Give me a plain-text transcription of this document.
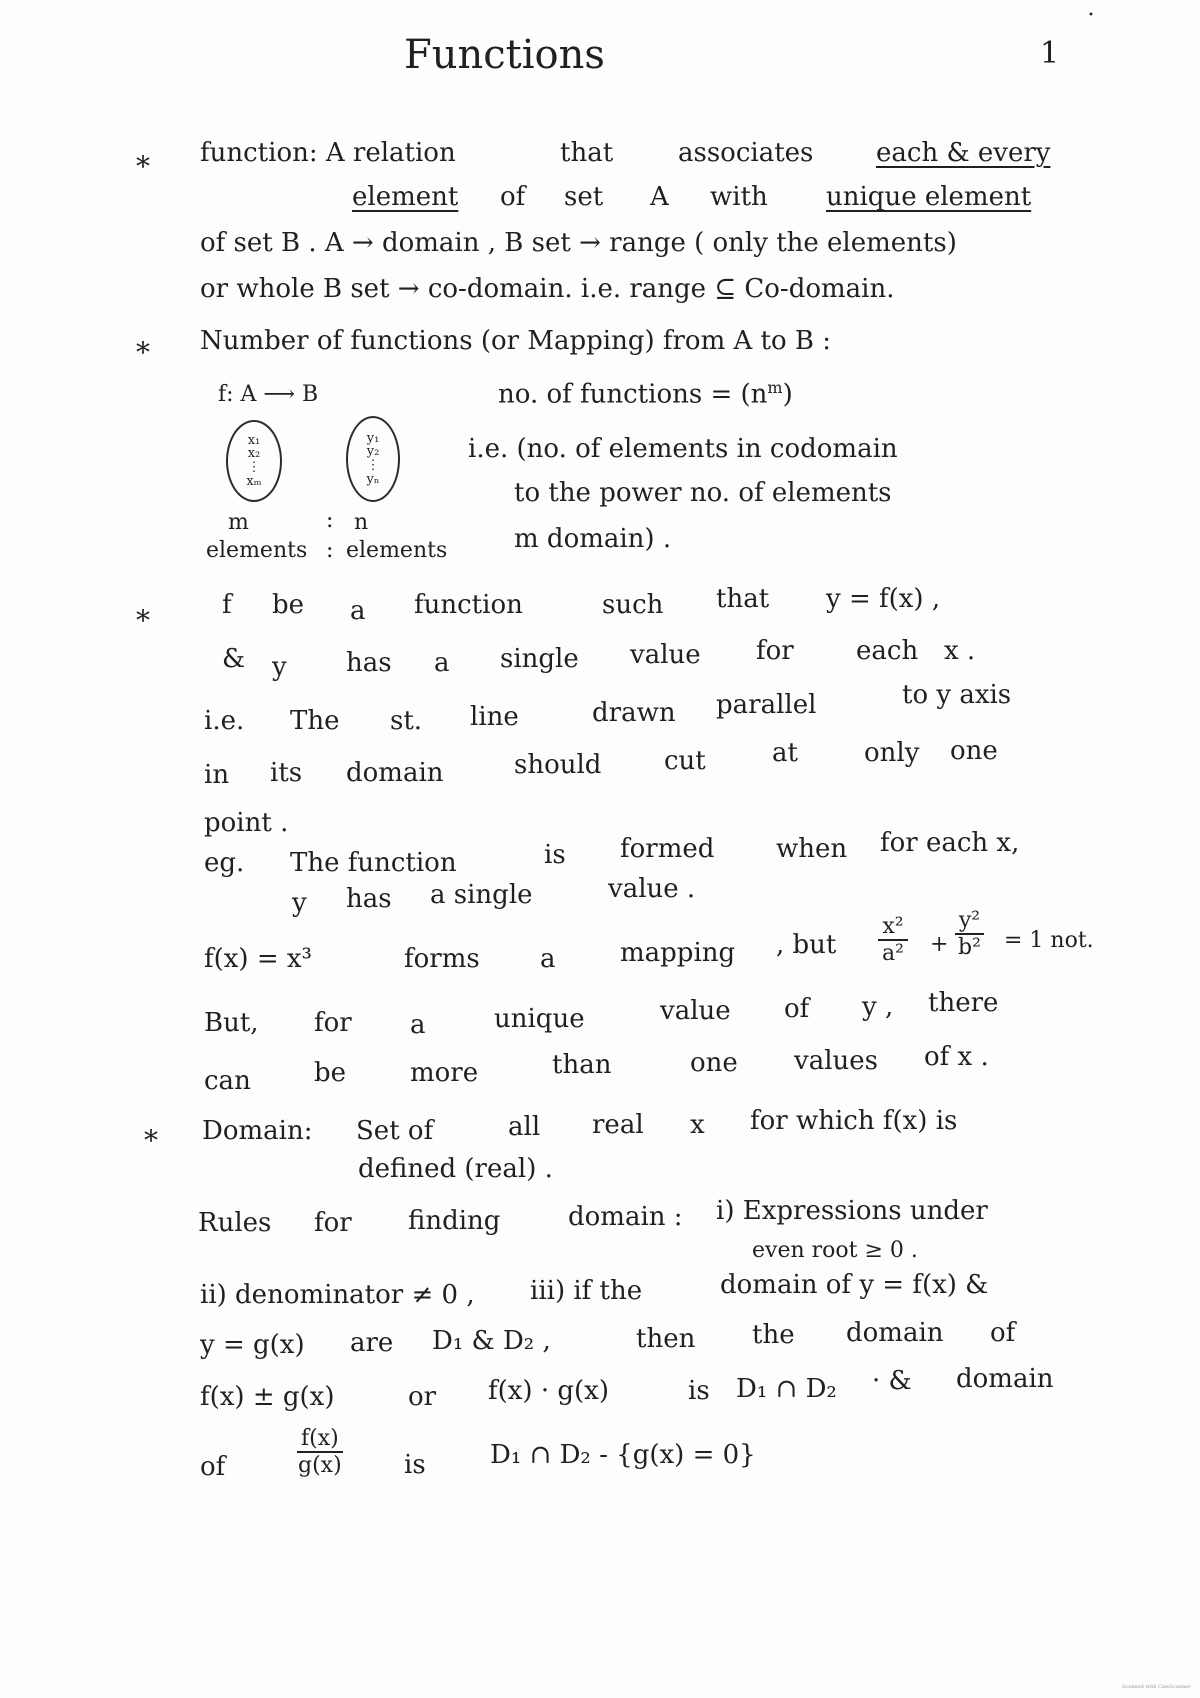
Functions	1
•
* function: A relation	that associates each & every
element of set A with unique element
of set B . A → domain , B set → range ( only the elements)
or whole B set → co-domain. i.e. range ⊆ Co-domain.
* Number of functions (or Mapping) from A to B :
f: A ⟶ B	no. of functions = $(n^m)$
x₁
x₂
⋮
xₘ
y₁
y₂
⋮
yₙ
i.e. (no. of elements in codomain
to the power no. of elements
m domain) .
m	: n
elements : elements
*	f be a function	such that y = f(x) ,
& y has a single value for each x .
i.e. The st. line	drawn parallel	to y axis
in its domain	should cut	at	only one
point .
eg. The function	is formed when for each x,
y has a single	value .
f(x) = x³	forms a mapping , but $\frac{\text{x²}}{\text{a²}} + \frac{\text{y²}}{\text{b²}} = 1$ not.
But, for a	unique	value of y , there
can be more	than	one values of x .
* Domain: Set of	all real x for which f(x) is
defined (real) .
Rules for finding	domain : i) Expressions under
even root ≥ 0 .
ii) denominator ≠ 0 , iii) if the	domain of y = f(x) &
y = g(x) are D₁ & D₂ ,	then the domain of
f(x) ± g(x)	or f(x) · g(x)	is D₁ ∩ D₂ · & domain
of	$\frac{f(x)}{g(x)}$ is D₁ ∩ D₂ - {g(x) = 0}
Scanned with CamScanner
